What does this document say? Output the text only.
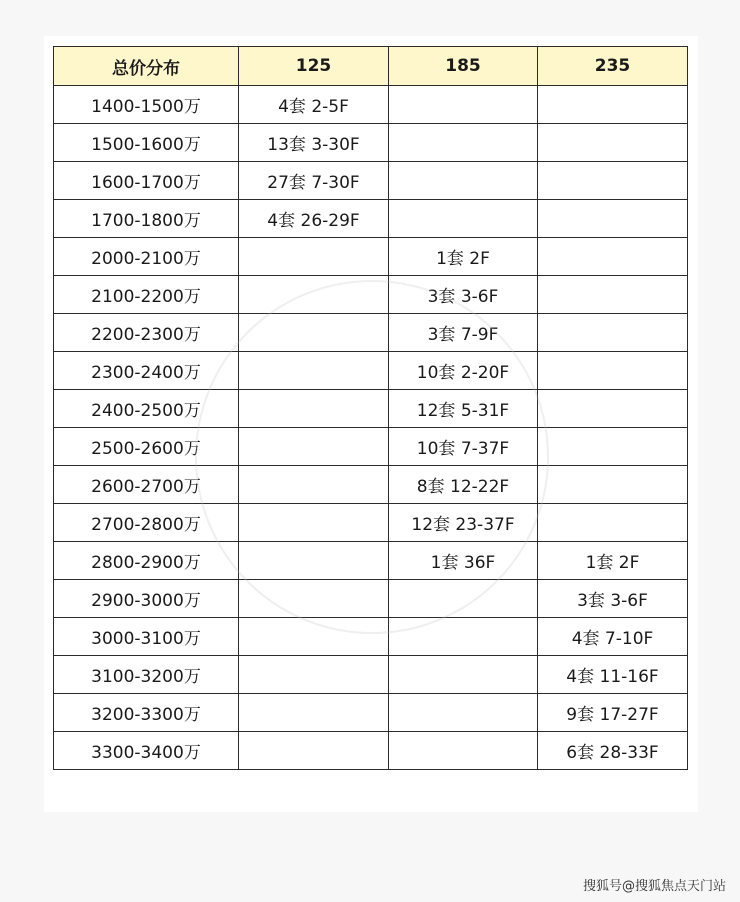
总价分布	125	185	235
1400-1500万	4套 2-5F		
1500-1600万	13套 3-30F		
1600-1700万	27套 7-30F		
1700-1800万	4套 26-29F		
2000-2100万		1套 2F	
2100-2200万		3套 3-6F	
2200-2300万		3套 7-9F	
2300-2400万		10套 2-20F	
2400-2500万		12套 5-31F	
2500-2600万		10套 7-37F	
2600-2700万		8套 12-22F	
2700-2800万		12套 23-37F	
2800-2900万		1套 36F	1套 2F
2900-3000万			3套 3-6F
3000-3100万			4套 7-10F
3100-3200万			4套 11-16F
3200-3300万			9套 17-27F
3300-3400万			6套 28-33F
搜狐号@搜狐焦点天门站
